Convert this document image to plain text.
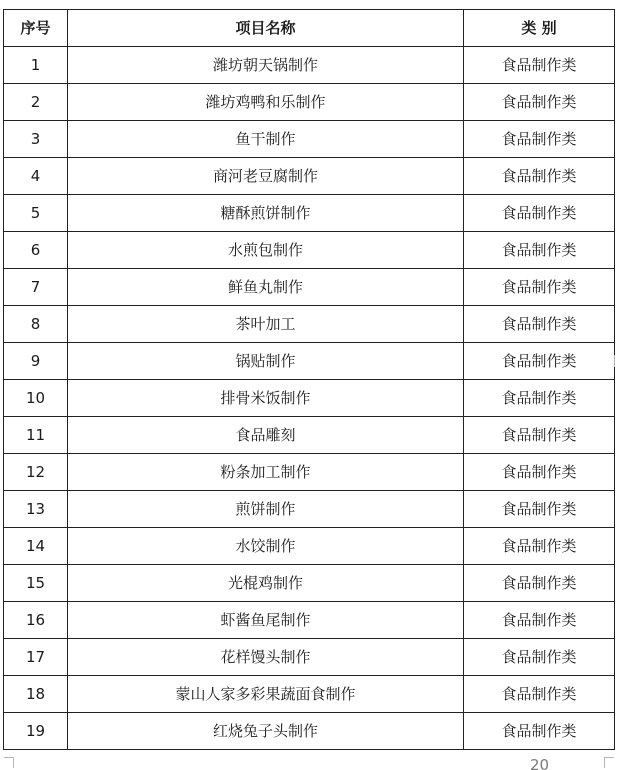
序号	项目名称	类 别
1	潍坊朝天锅制作	食品制作类
2	潍坊鸡鸭和乐制作	食品制作类
3	鱼干制作	食品制作类
4	商河老豆腐制作	食品制作类
5	糖酥煎饼制作	食品制作类
6	水煎包制作	食品制作类
7	鲜鱼丸制作	食品制作类
8	茶叶加工	食品制作类
9	锅贴制作	食品制作类
10	排骨米饭制作	食品制作类
11	食品雕刻	食品制作类
12	粉条加工制作	食品制作类
13	煎饼制作	食品制作类
14	水饺制作	食品制作类
15	光棍鸡制作	食品制作类
16	虾酱鱼尾制作	食品制作类
17	花样馒头制作	食品制作类
18	蒙山人家多彩果蔬面食制作	食品制作类
19	红烧兔子头制作	食品制作类
20
